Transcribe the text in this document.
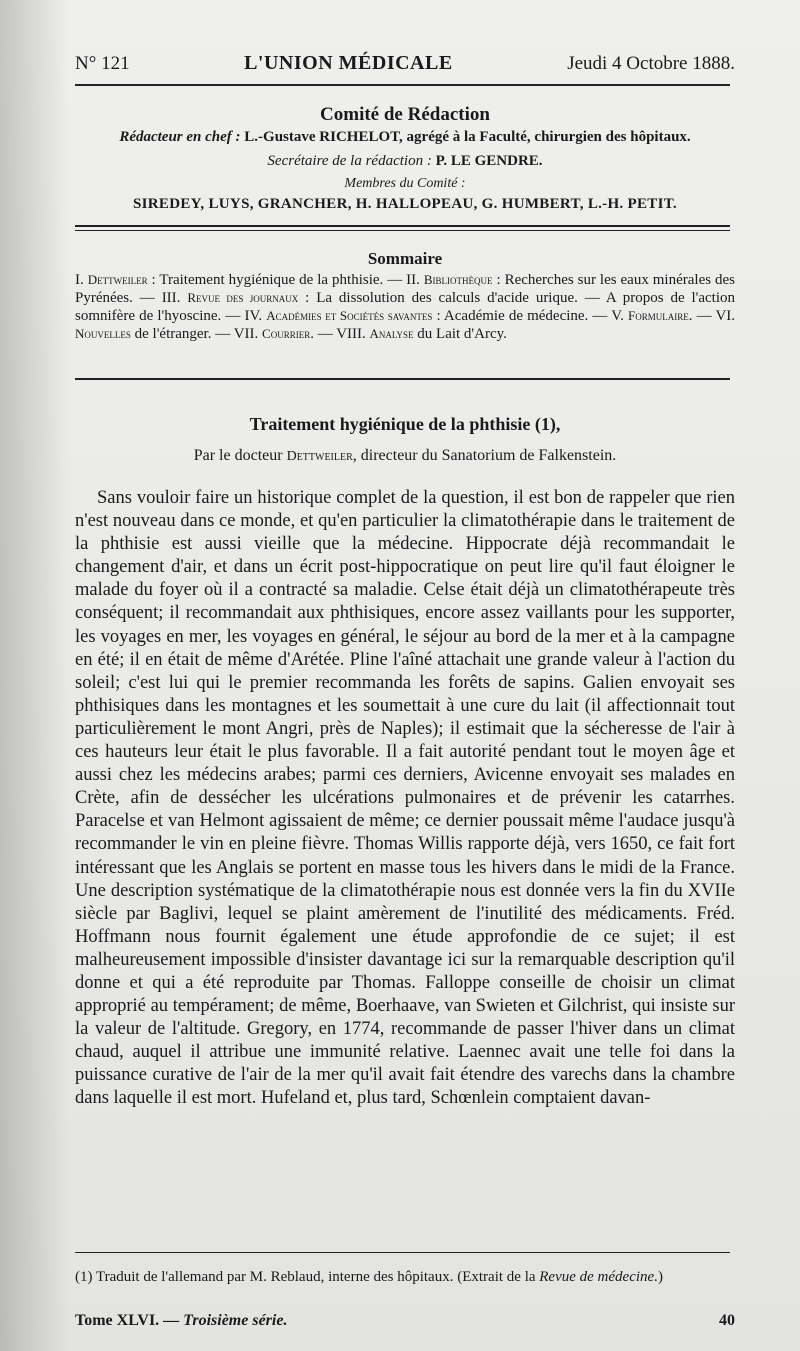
N° 121	L'UNION MÉDICALE	Jeudi 4 Octobre 1888.
Comité de Rédaction
Rédacteur en chef : L.-Gustave RICHELOT, agrégé à la Faculté, chirurgien des hôpitaux.
Secrétaire de la rédaction : P. LE GENDRE.
Membres du Comité :
SIREDEY, LUYS, GRANCHER, H. HALLOPEAU, G. HUMBERT, L.-H. PETIT.
Sommaire
I. Dettweiler : Traitement hygiénique de la phthisie. — II. Bibliothèque : Recherches sur les eaux minérales des Pyrénées. — III. Revue des journaux : La dissolution des calculs d'acide urique. — A propos de l'action somnifère de l'hyoscine. — IV. Académies et Sociétés savantes : Académie de médecine. — V. Formulaire. — VI. Nouvelles de l'étranger. — VII. Courrier. — VIII. Analyse du Lait d'Arcy.
Traitement hygiénique de la phthisie (1),
Par le docteur Dettweiler, directeur du Sanatorium de Falkenstein.

Sans vouloir faire un historique complet de la question, il est bon de rappeler que rien n'est nouveau dans ce monde, et qu'en particulier la climatothérapie dans le traitement de la phthisie est aussi vieille que la médecine. Hippocrate déjà recommandait le changement d'air, et dans un écrit post-hippocratique on peut lire qu'il faut éloigner le malade du foyer où il a contracté sa maladie. Celse était déjà un climatothérapeute très conséquent; il recommandait aux phthisiques, encore assez vaillants pour les supporter, les voyages en mer, les voyages en général, le séjour au bord de la mer et à la campagne en été; il en était de même d'Arétée. Pline l'aîné attachait une grande valeur à l'action du soleil; c'est lui qui le premier recommanda les forêts de sapins. Galien envoyait ses phthisiques dans les montagnes et les soumettait à une cure du lait (il affectionnait tout particulièrement le mont Angri, près de Naples); il estimait que la sécheresse de l'air à ces hauteurs leur était le plus favorable. Il a fait autorité pendant tout le moyen âge et aussi chez les médecins arabes; parmi ces derniers, Avicenne envoyait ses malades en Crète, afin de dessécher les ulcérations pulmonaires et de prévenir les catarrhes. Paracelse et van Helmont agissaient de même; ce dernier poussait même l'audace jusqu'à recommander le vin en pleine fièvre. Thomas Willis rapporte déjà, vers 1650, ce fait fort intéressant que les Anglais se portent en masse tous les hivers dans le midi de la France. Une description systématique de la climatothérapie nous est donnée vers la fin du XVIIe siècle par Baglivi, lequel se plaint amèrement de l'inutilité des médicaments. Fréd. Hoffmann nous fournit également une étude approfondie de ce sujet; il est malheureusement impossible d'insister davantage ici sur la remarquable description qu'il donne et qui a été reproduite par Thomas. Falloppe conseille de choisir un climat approprié au tempérament; de même, Boerhaave, van Swieten et Gilchrist, qui insiste sur la valeur de l'altitude. Gregory, en 1774, recommande de passer l'hiver dans un climat chaud, auquel il attribue une immunité relative. Laennec avait une telle foi dans la puissance curative de l'air de la mer qu'il avait fait étendre des varechs dans la chambre dans laquelle il est mort. Hufeland et, plus tard, Schœnlein comptaient davan-

(1) Traduit de l'allemand par M. Reblaud, interne des hôpitaux. (Extrait de la Revue de médecine.)
Tome XLVI. — Troisième série.	40
